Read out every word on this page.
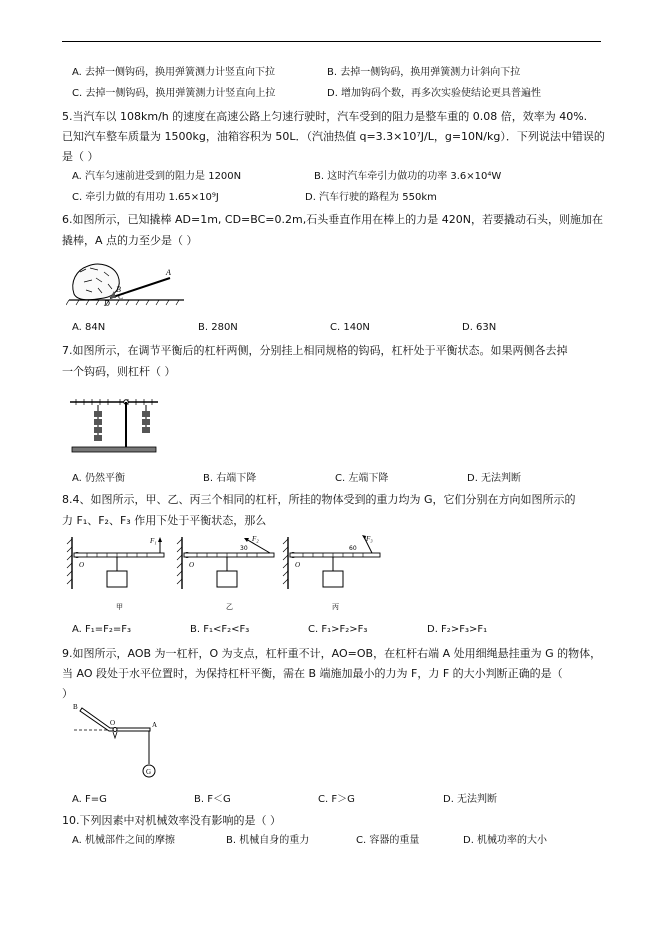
A. 去掉一侧钩码，换用弹簧测力计竖直向下拉	B. 去掉一侧钩码，换用弹簧测力计斜向下拉
C. 去掉一侧钩码，换用弹簧测力计竖直向上拉	D. 增加钩码个数，再多次实验使结论更具普遍性
5.当汽车以 108km/h 的速度在高速公路上匀速行驶时，汽车受到的阻力是整车重的 0.08 倍，效率为 40%.
已知汽车整车质量为 1500kg，油箱容积为 50L．（汽油热值 q=3.3×10⁷J/L，g=10N/kg）．下列说法中错误的
是（ ）
A. 汽车匀速前进受到的阻力是 1200N	B. 这时汽车牵引力做功的功率 3.6×10⁴W
C. 牵引力做的有用功 1.65×10⁹J	D. 汽车行驶的路程为 550km
6.如图所示，已知撬棒 AD=1m, CD=BC=0.2m,石头垂直作用在棒上的力是 420N，若要撬动石头，则施加在
撬棒，A 点的力至少是（ ）
A
B
C
D
A. 84N	B. 280N	C. 140N	D. 63N
7.如图所示，在调节平衡后的杠杆两侧，分别挂上相同规格的钩码，杠杆处于平衡状态。如果两侧各去掉
一个钩码，则杠杆（ ）
A. 仍然平衡	B. 右端下降	C. 左端下降	D. 无法判断
8.4、如图所示，甲、乙、丙三个相同的杠杆，所挂的物体受到的重力均为 G，它们分别在方向如图所示的
力 F₁、F₂、F₃ 作用下处于平衡状态，那么
F₁
O
甲
F₂
30
O
乙
F₃
60
O
丙
A. F₁=F₂=F₃	B. F₁<F₂<F₃	C. F₁>F₂>F₃	D. F₂>F₃>F₁
9.如图所示，AOB 为一杠杆，O 为支点，杠杆重不计，AO=OB，在杠杆右端 A 处用细绳悬挂重为 G 的物体，
当 AO 段处于水平位置时，为保持杠杆平衡，需在 B 端施加最小的力为 F，力 F 的大小判断正确的是（
）
B
O	A
G
A. F=G	B. F＜G	C. F＞G	D. 无法判断
10.下列因素中对机械效率没有影响的是（ ）
A. 机械部件之间的摩擦	B. 机械自身的重力	C. 容器的重量	D. 机械功率的大小
